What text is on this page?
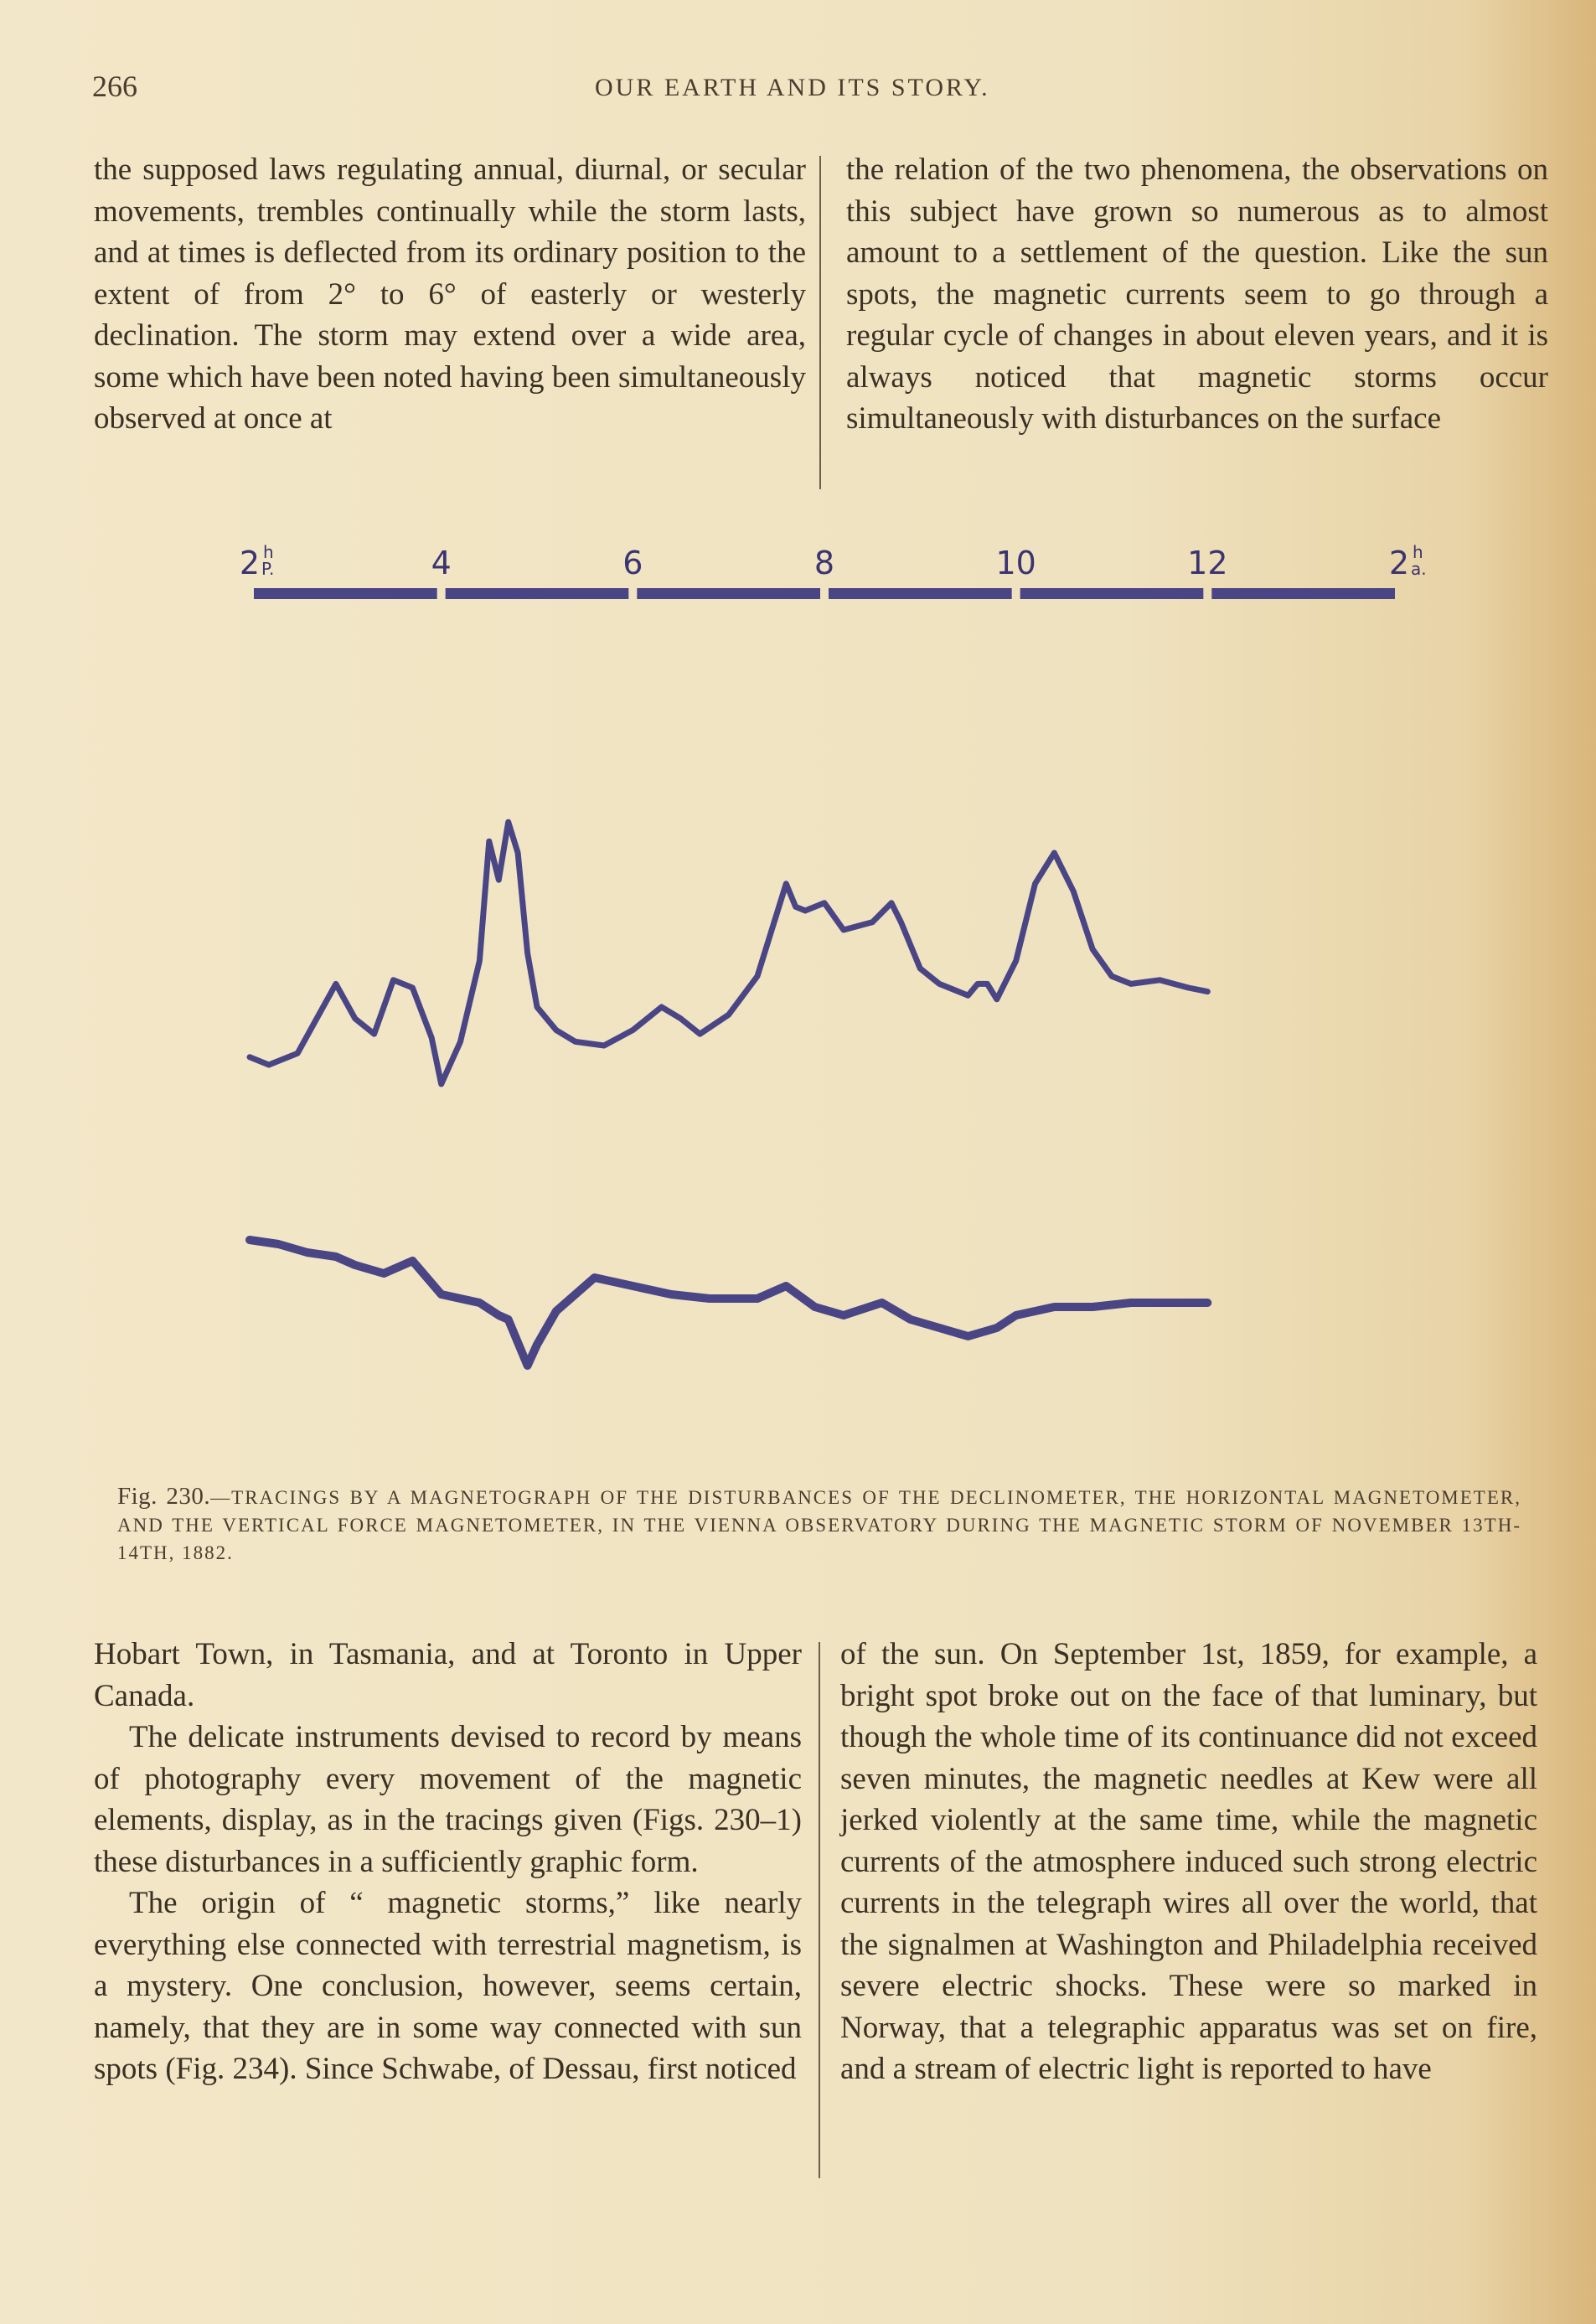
266	OUR EARTH AND ITS STORY.

the supposed laws regulating annual, diurnal, or secular movements, trembles continually while the storm lasts, and at times is deflected from its ordinary position to the extent of from 2° to 6° of easterly or westerly declination. The storm may extend over a wide area, some which have been noted having been simultaneously observed at once at

the relation of the two phenomena, the observations on this subject have grown so numerous as to almost amount to a settlement of the question. Like the sun spots, the magnetic currents seem to go through a regular cycle of changes in about eleven years, and it is always noticed that magnetic storms occur simultaneously with disturbances on the surface

2 h
P.	4	6	8	10	12	2 h
a.
Fig. 230.—TRACINGS BY A MAGNETOGRAPH OF THE DISTURBANCES OF THE DECLINOMETER, THE HORIZONTAL MAGNETOMETER, AND THE VERTICAL FORCE MAGNETOMETER, IN THE VIENNA OBSERVATORY DURING THE MAGNETIC STORM OF NOVEMBER 13TH-14TH, 1882.

Hobart Town, in Tasmania, and at Toronto in Upper Canada.

The delicate instruments devised to record by means of photography every movement of the magnetic elements, display, as in the tracings given (Figs. 230–1) these disturbances in a sufficiently graphic form.

The origin of “ magnetic storms,” like nearly everything else connected with terrestrial magnetism, is a mystery. One conclusion, however, seems certain, namely, that they are in some way connected with sun spots (Fig. 234). Since Schwabe, of Dessau, first noticed

of the sun. On September 1st, 1859, for example, a bright spot broke out on the face of that luminary, but though the whole time of its continuance did not exceed seven minutes, the magnetic needles at Kew were all jerked violently at the same time, while the magnetic currents of the atmosphere induced such strong electric currents in the telegraph wires all over the world, that the signalmen at Washington and Philadelphia received severe electric shocks. These were so marked in Norway, that a telegraphic apparatus was set on fire, and a stream of electric light is reported to have
